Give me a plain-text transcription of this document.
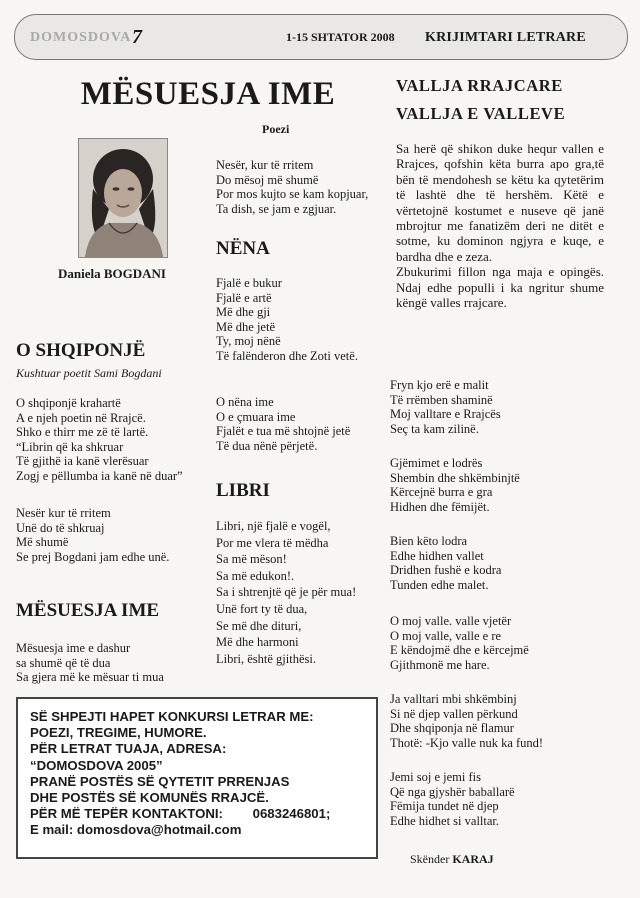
DOMOSDOVA 7	1-15 SHTATOR 2008 KRIJIMTARI LETRARE
MËSUESJA IME
Poezi
Daniela BOGDANI
O SHQIPONJË
Kushtuar poetit Sami Bogdani
O shqiponjë krahartë
A e njeh poetin në Rrajcë.
Shko e thirr me zë të lartë.
“Librin që ka shkruar
Të gjithë ia kanë vlerësuar
Zogj e pëllumba ia kanë në duar”
Nesër kur të rritem
Unë do të shkruaj
Më shumë
Se prej Bogdani jam edhe unë.
MËSUESJA IME
Mësuesja ime e dashur
sa shumë që të dua
Sa gjera më ke mësuar ti mua
Nesër, kur të rritem
Do mësoj më shumë
Por mos kujto se kam kopjuar,
Ta dish, se jam e zgjuar.
NËNA
Fjalë e bukur
Fjalë e artë
Më dhe gji
Më dhe jetë
Ty, moj nënë
Të falënderon dhe Zoti vetë.
O nëna ime
O e çmuara ime
Fjalët e tua më shtojnë jetë
Të dua nënë përjetë.
LIBRI
Libri, një fjalë e vogël,
Por me vlera të mëdha
Sa më mëson!
Sa më edukon!.
Sa i shtrenjtë që je për mua!
Unë fort ty të dua,
Se më dhe dituri,
Më dhe harmoni
Libri, është gjithësi.
VALLJA RRAJCARE
VALLJA E VALLEVE

Sa herë që shikon duke hequr vallen e Rrajces, qofshin këta burra apo gra,të bën të mendohesh se këtu ka qytetërim të lashtë dhe të hershëm. Këtë e vërtetojnë kostumet e nuseve që janë mbrojtur me fanatizëm deri ne ditët e sotme, ku dominon ngjyra e kuqe, e bardha dhe e zeza.

Zbukurimi fillon nga maja e opingës. Ndaj edhe populli i ka ngritur shume këngë valles rrajcare.

Fryn kjo erë e malit
Të rrëmben shaminë
Moj valltare e Rrajcës
Seç ta kam zilinë.
Gjëmimet e lodrës
Shembin dhe shkëmbinjtë
Kërcejnë burra e gra
Hidhen dhe fëmijët.
Bien këto lodra
Edhe hidhen vallet
Dridhen fushë e kodra
Tunden edhe malet.
O moj valle. valle vjetër
O moj valle, valle e re
E këndojmë dhe e kërcejmë
Gjithmonë me hare.
Ja valltari mbi shkëmbinj
Si në djep vallen përkund
Dhe shqiponja në flamur
Thotë: -Kjo valle nuk ka fund!
Jemi soj e jemi fis
Që nga gjyshër baballarë
Fëmija tundet në djep
Edhe hidhet si valltar.
Skënder KARAJ
SË SHPEJTI HAPET KONKURSI LETRAR ME:
POEZI, TREGIME, HUMORE.
PËR LETRAT TUAJA, ADRESA:
“DOMOSDOVA 2005”
PRANË POSTËS SË QYTETIT PRRENJAS
DHE POSTËS SË KOMUNËS RRAJCË.
PËR MË TEPËR KONTAKTONI: 0683246801;
E mail: domosdova@hotmail.com
